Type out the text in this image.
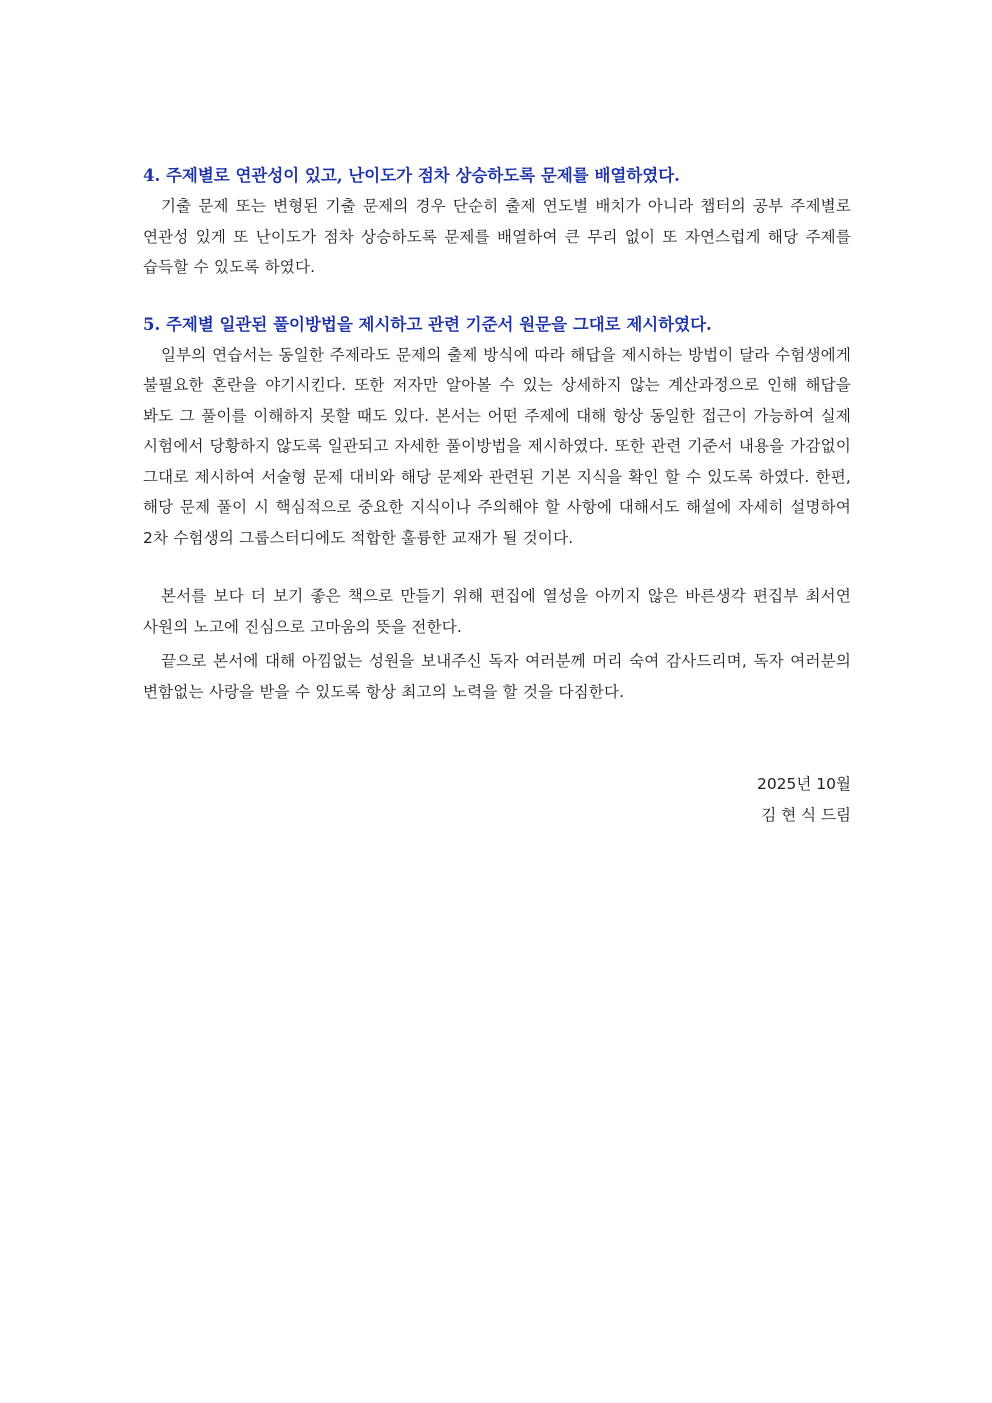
4. 주제별로 연관성이 있고, 난이도가 점차 상승하도록 문제를 배열하였다.

기출 문제 또는 변형된 기출 문제의 경우 단순히 출제 연도별 배치가 아니라 챕터의 공부 주제별로 연관성 있게 또 난이도가 점차 상승하도록 문제를 배열하여 큰 무리 없이 또 자연스럽게 해당 주제를 습득할 수 있도록 하였다.

5. 주제별 일관된 풀이방법을 제시하고 관련 기준서 원문을 그대로 제시하였다.

일부의 연습서는 동일한 주제라도 문제의 출제 방식에 따라 해답을 제시하는 방법이 달라 수험생에게 불필요한 혼란을 야기시킨다. 또한 저자만 알아볼 수 있는 상세하지 않는 계산과정으로 인해 해답을 봐도 그 풀이를 이해하지 못할 때도 있다. 본서는 어떤 주제에 대해 항상 동일한 접근이 가능하여 실제 시험에서 당황하지 않도록 일관되고 자세한 풀이방법을 제시하였다. 또한 관련 기준서 내용을 가감없이 그대로 제시하여 서술형 문제 대비와 해당 문제와 관련된 기본 지식을 확인 할 수 있도록 하였다. 한편, 해당 문제 풀이 시 핵심적으로 중요한 지식이나 주의해야 할 사항에 대해서도 해설에 자세히 설명하여 2차 수험생의 그룹스터디에도 적합한 훌륭한 교재가 될 것이다.

본서를 보다 더 보기 좋은 책으로 만들기 위해 편집에 열성을 아끼지 않은 바른생각 편집부 최서연 사원의 노고에 진심으로 고마움의 뜻을 전한다.

끝으로 본서에 대해 아낌없는 성원을 보내주신 독자 여러분께 머리 숙여 감사드리며, 독자 여러분의 변함없는 사랑을 받을 수 있도록 항상 최고의 노력을 할 것을 다짐한다.

2025년 10월
김 현 식 드림
